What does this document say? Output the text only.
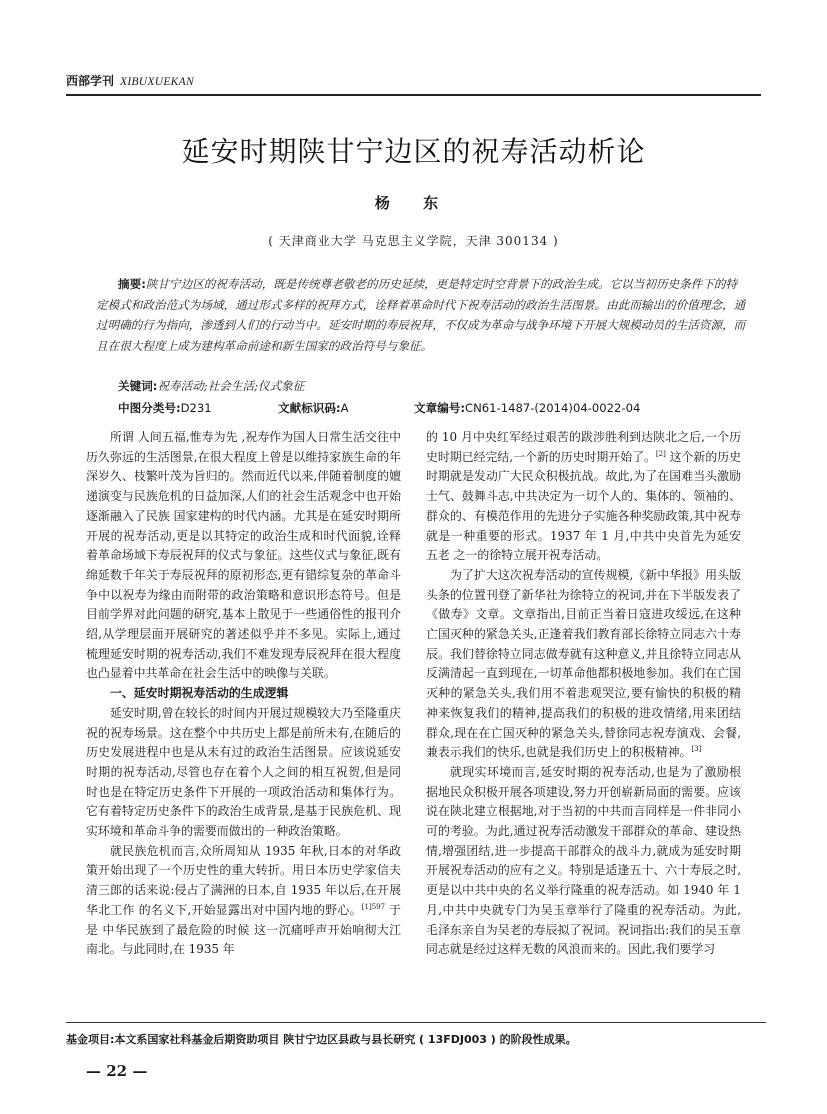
西部学刊 XIBUXUEKAN
延安时期陕甘宁边区的祝寿活动析论
杨 东
( 天津商业大学 马克思主义学院，天津 300134 )
摘要:陕甘宁边区的祝寿活动，既是传统尊老敬老的历史延续，更是特定时空背景下的政治生成。它以当初历史条件下的特定模式和政治范式为场域，通过形式多样的祝拜方式，诠释着革命时代下祝寿活动的政治生活图景。由此而输出的价值理念，通过明确的行为指向，渗透到人们的行动当中。延安时期的寿辰祝拜，不仅成为革命与战争环境下开展大规模动员的生活资源，而且在很大程度上成为建构革命前途和新生国家的政治符号与象征。
关键词:祝寿活动;社会生活;仪式象征
中图分类号:D231	文献标识码:A	文章编号:CN61-1487-(2014)04-0022-04

所谓 人间五福,惟寿为先 ,祝寿作为国人日常生活交往中历久弥远的生活图景,在很大程度上曾是以维持家族生命的年深岁久、枝繁叶茂为旨归的。然而近代以来,伴随着制度的嬗递演变与民族危机的日益加深,人们的社会生活观念中也开始逐渐融入了民族 国家建构的时代内涵。尤其是在延安时期所开展的祝寿活动,更是以其特定的政治生成和时代面貌,诠释着革命场域下寿辰祝拜的仪式与象征。这些仪式与象征,既有绵延数千年关于寿辰祝拜的原初形态,更有错综复杂的革命斗争中以祝寿为缘由而附带的政治策略和意识形态符号。但是目前学界对此问题的研究,基本上散见于一些通俗性的报刊介绍,从学理层面开展研究的著述似乎并不多见。实际上,通过梳理延安时期的祝寿活动,我们不难发现寿辰祝拜在很大程度也凸显着中共革命在社会生活中的映像与关联。

一、延安时期祝寿活动的生成逻辑

延安时期,曾在较长的时间内开展过规模较大乃至隆重庆祝的祝寿场景。这在整个中共历史上都是前所未有,在随后的历史发展进程中也是从未有过的政治生活图景。应该说延安时期的祝寿活动,尽管也存在着个人之间的相互祝贺,但是同时也是在特定历史条件下开展的一项政治活动和集体行为。它有着特定历史条件下的政治生成背景,是基于民族危机、现实环境和革命斗争的需要而做出的一种政治策略。

就民族危机而言,众所周知从 1935 年秋,日本的对华政策开始出现了一个历史性的重大转折。用日本历史学家信夫清三郎的话来说:侵占了满洲的日本,自 1935 年以后,在开展 华北工作 的名义下,开始显露出对中国内地的野心。$^{[1]597}$ 于是 中华民族到了最危险的时候 这一沉痛呼声开始响彻大江南北。与此同时,在 1935 年

的 10 月中央红军经过艰苦的跋涉胜利到达陕北之后,一个历史时期已经完结,一个新的历史时期开始了。[2] 这个新的历史时期就是发动广大民众积极抗战。故此,为了在国难当头激励士气、鼓舞斗志,中共决定为一切个人的、集体的、领袖的、群众的、有模范作用的先进分子实施各种奖励政策,其中祝寿就是一种重要的形式。1937 年 1 月,中共中央首先为延安 五老 之一的徐特立展开祝寿活动。

为了扩大这次祝寿活动的宣传规模,《新中华报》用头版头条的位置刊登了新华社为徐特立的祝词,并在下半版发表了《做寿》文章。文章指出,目前正当着日寇进攻绥远,在这种亡国灭种的紧急关头,正逢着我们教育部长徐特立同志六十寿辰。我们替徐特立同志做寿就有这种意义,并且徐特立同志从反满清起一直到现在,一切革命他都积极地参加。我们在亡国灭种的紧急关头,我们用不着悲观哭泣,要有愉快的积极的精神来恢复我们的精神,提高我们的积极的进攻情绪,用来团结群众,现在在亡国灭种的紧急关头,替徐同志祝寿演戏、会餐,兼表示我们的快乐,也就是我们历史上的积极精神。[3]

就现实环境而言,延安时期的祝寿活动,也是为了激励根据地民众积极开展各项建设,努力开创崭新局面的需要。应该说在陕北建立根据地,对于当初的中共而言同样是一件非同小可的考验。为此,通过祝寿活动激发干部群众的革命、建设热情,增强团结,进一步提高干部群众的战斗力,就成为延安时期开展祝寿活动的应有之义。特别是适逢五十、六十寿辰之时,更是以中共中央的名义举行隆重的祝寿活动。如 1940 年 1 月,中共中央就专门为吴玉章举行了隆重的祝寿活动。为此,毛泽东亲自为吴老的寿辰拟了祝词。祝词指出:我们的吴玉章同志就是经过这样无数的风浪而来的。因此,我们要学习

基金项目:本文系国家社科基金后期资助项目 陕甘宁边区县政与县长研究 ( 13FDJ003 ) 的阶段性成果。
— 22 —
